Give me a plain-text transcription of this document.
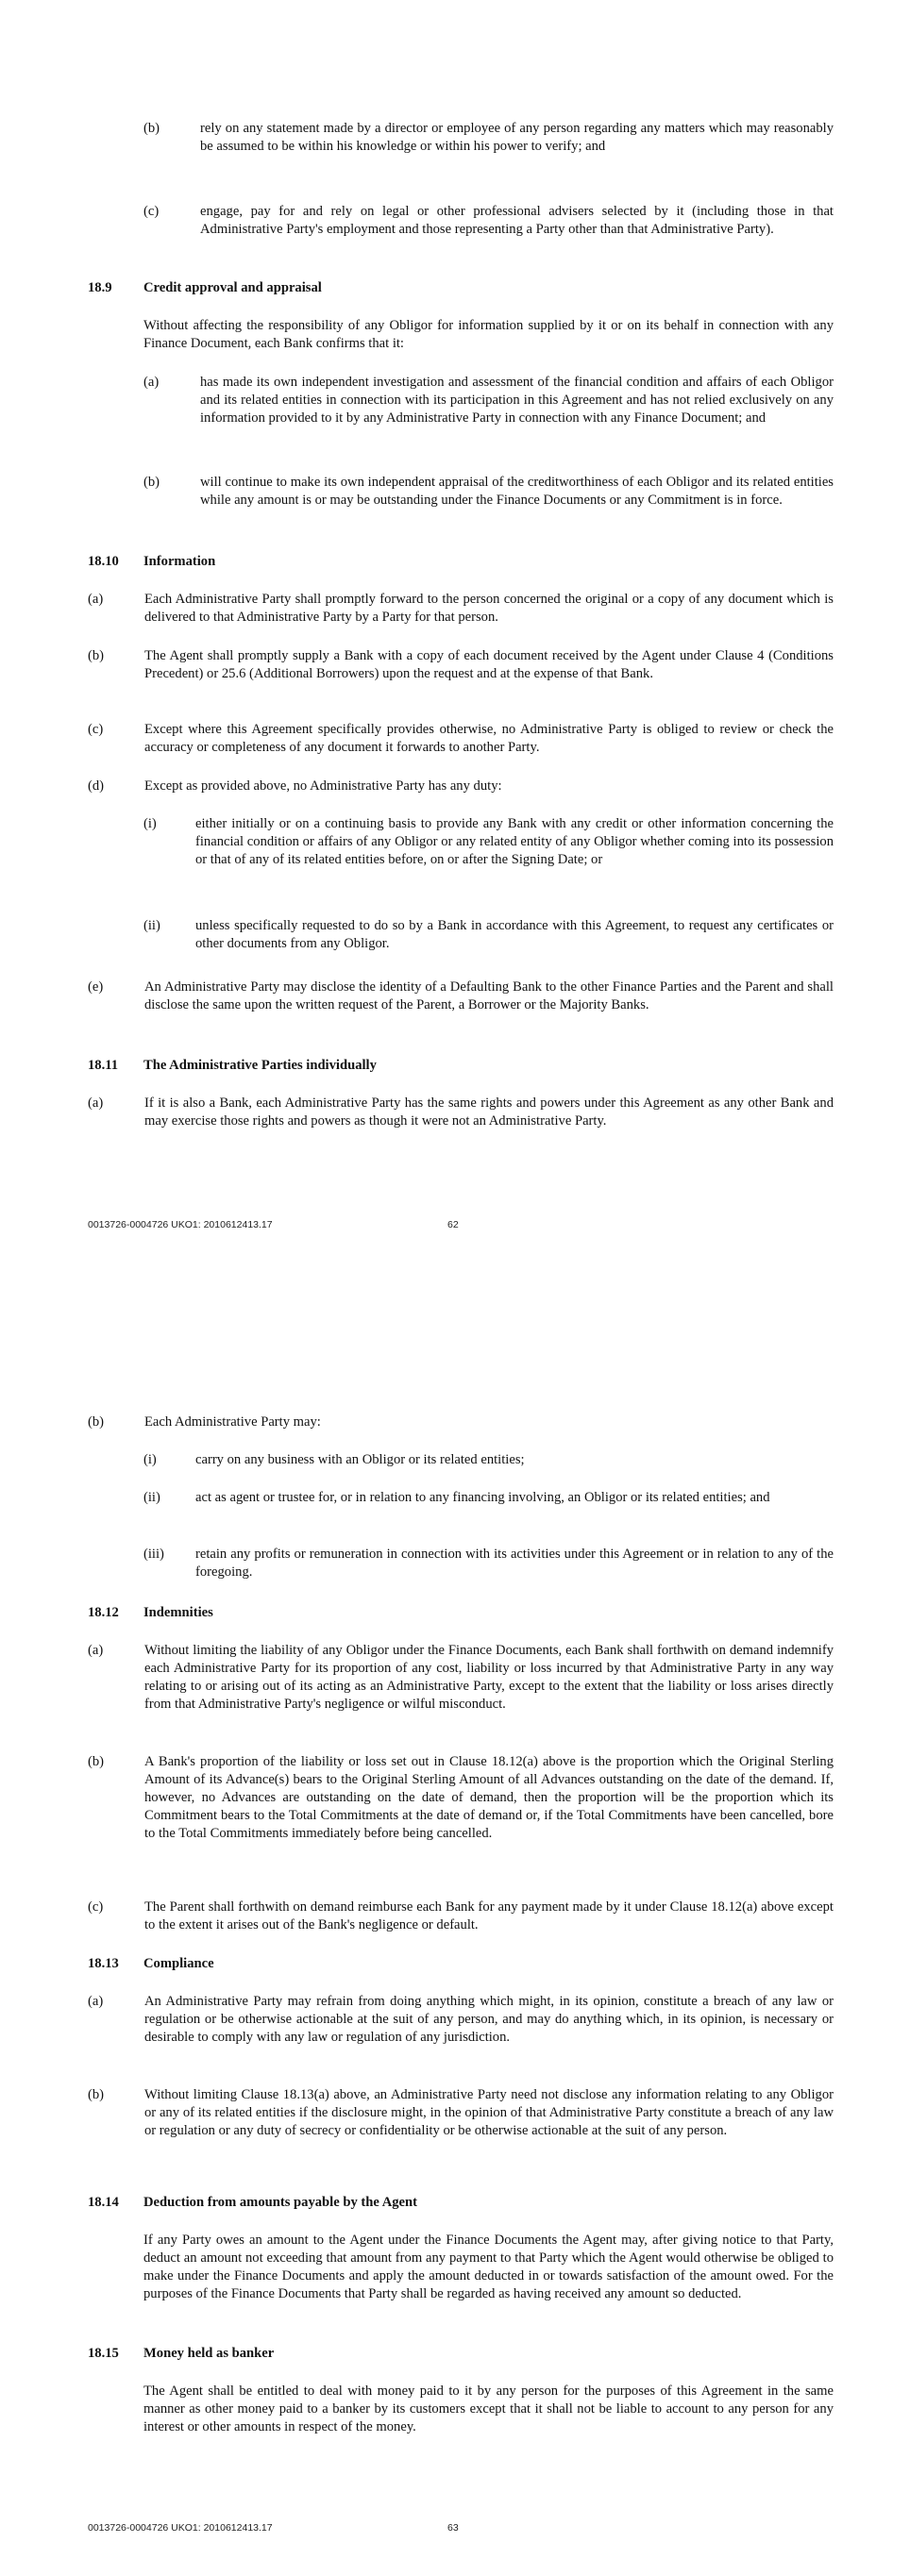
(b)	rely on any statement made by a director or employee of any person regarding any matters which may reasonably be assumed to be within his knowledge or within his power to verify; and

(c)	engage, pay for and rely on legal or other professional advisers selected by it (including those in that Administrative Party's employment and those representing a Party other than that Administrative Party).

18.9 Credit approval and appraisal

Without affecting the responsibility of any Obligor for information supplied by it or on its behalf in connection with any Finance Document, each Bank confirms that it:

(a)	has made its own independent investigation and assessment of the financial condition and affairs of each Obligor and its related entities in connection with its participation in this Agreement and has not relied exclusively on any information provided to it by any Administrative Party in connection with any Finance Document; and

(b)	will continue to make its own independent appraisal of the creditworthiness of each Obligor and its related entities while any amount is or may be outstanding under the Finance Documents or any Commitment is in force.

18.10 Information
(a)	Each Administrative Party shall promptly forward to the person concerned the original or a copy of any document which is delivered to that Administrative Party by a Party for that person.

(b)	The Agent shall promptly supply a Bank with a copy of each document received by the Agent under Clause 4 (Conditions Precedent) or 25.6 (Additional Borrowers) upon the request and at the expense of that Bank.

(c)	Except where this Agreement specifically provides otherwise, no Administrative Party is obliged to review or check the accuracy or completeness of any document it forwards to another Party.

(d)	Except as provided above, no Administrative Party has any duty:

(i)	either initially or on a continuing basis to provide any Bank with any credit or other information concerning the financial condition or affairs of any Obligor or any related entity of any Obligor whether coming into its possession or that of any of its related entities before, on or after the Signing Date; or

(ii)	unless specifically requested to do so by a Bank in accordance with this Agreement, to request any certificates or other documents from any Obligor.

(e)	An Administrative Party may disclose the identity of a Defaulting Bank to the other Finance Parties and the Parent and shall disclose the same upon the written request of the Parent, a Borrower or the Majority Banks.

18.11 The Administrative Parties individually
(a)	If it is also a Bank, each Administrative Party has the same rights and powers under this Agreement as any other Bank and may exercise those rights and powers as though it were not an Administrative Party.

0013726-0004726 UKO1: 2010612413.17	62
(b)	Each Administrative Party may:

(i)	carry on any business with an Obligor or its related entities;

(ii)	act as agent or trustee for, or in relation to any financing involving, an Obligor or its related entities; and

(iii) retain any profits or remuneration in connection with its activities under this Agreement or in relation to any of the foregoing.

18.12 Indemnities
(a)	Without limiting the liability of any Obligor under the Finance Documents, each Bank shall forthwith on demand indemnify each Administrative Party for its proportion of any cost, liability or loss incurred by that Administrative Party in any way relating to or arising out of its acting as an Administrative Party, except to the extent that the liability or loss arises directly from that Administrative Party's negligence or wilful misconduct.

(b)	A Bank's proportion of the liability or loss set out in Clause 18.12(a) above is the proportion which the Original Sterling Amount of its Advance(s) bears to the Original Sterling Amount of all Advances outstanding on the date of the demand. If, however, no Advances are outstanding on the date of demand, then the proportion will be the proportion which its Commitment bears to the Total Commitments at the date of demand or, if the Total Commitments have been cancelled, bore to the Total Commitments immediately before being cancelled.

(c)	The Parent shall forthwith on demand reimburse each Bank for any payment made by it under Clause 18.12(a) above except to the extent it arises out of the Bank's negligence or default.

18.13 Compliance
(a)	An Administrative Party may refrain from doing anything which might, in its opinion, constitute a breach of any law or regulation or be otherwise actionable at the suit of any person, and may do anything which, in its opinion, is necessary or desirable to comply with any law or regulation of any jurisdiction.

(b)	Without limiting Clause 18.13(a) above, an Administrative Party need not disclose any information relating to any Obligor or any of its related entities if the disclosure might, in the opinion of that Administrative Party constitute a breach of any law or regulation or any duty of secrecy or confidentiality or be otherwise actionable at the suit of any person.

18.14 Deduction from amounts payable by the Agent

If any Party owes an amount to the Agent under the Finance Documents the Agent may, after giving notice to that Party, deduct an amount not exceeding that amount from any payment to that Party which the Agent would otherwise be obliged to make under the Finance Documents and apply the amount deducted in or towards satisfaction of the amount owed. For the purposes of the Finance Documents that Party shall be regarded as having received any amount so deducted.

18.15 Money held as banker

The Agent shall be entitled to deal with money paid to it by any person for the purposes of this Agreement in the same manner as other money paid to a banker by its customers except that it shall not be liable to account to any person for any interest or other amounts in respect of the money.

0013726-0004726 UKO1: 2010612413.17	63
